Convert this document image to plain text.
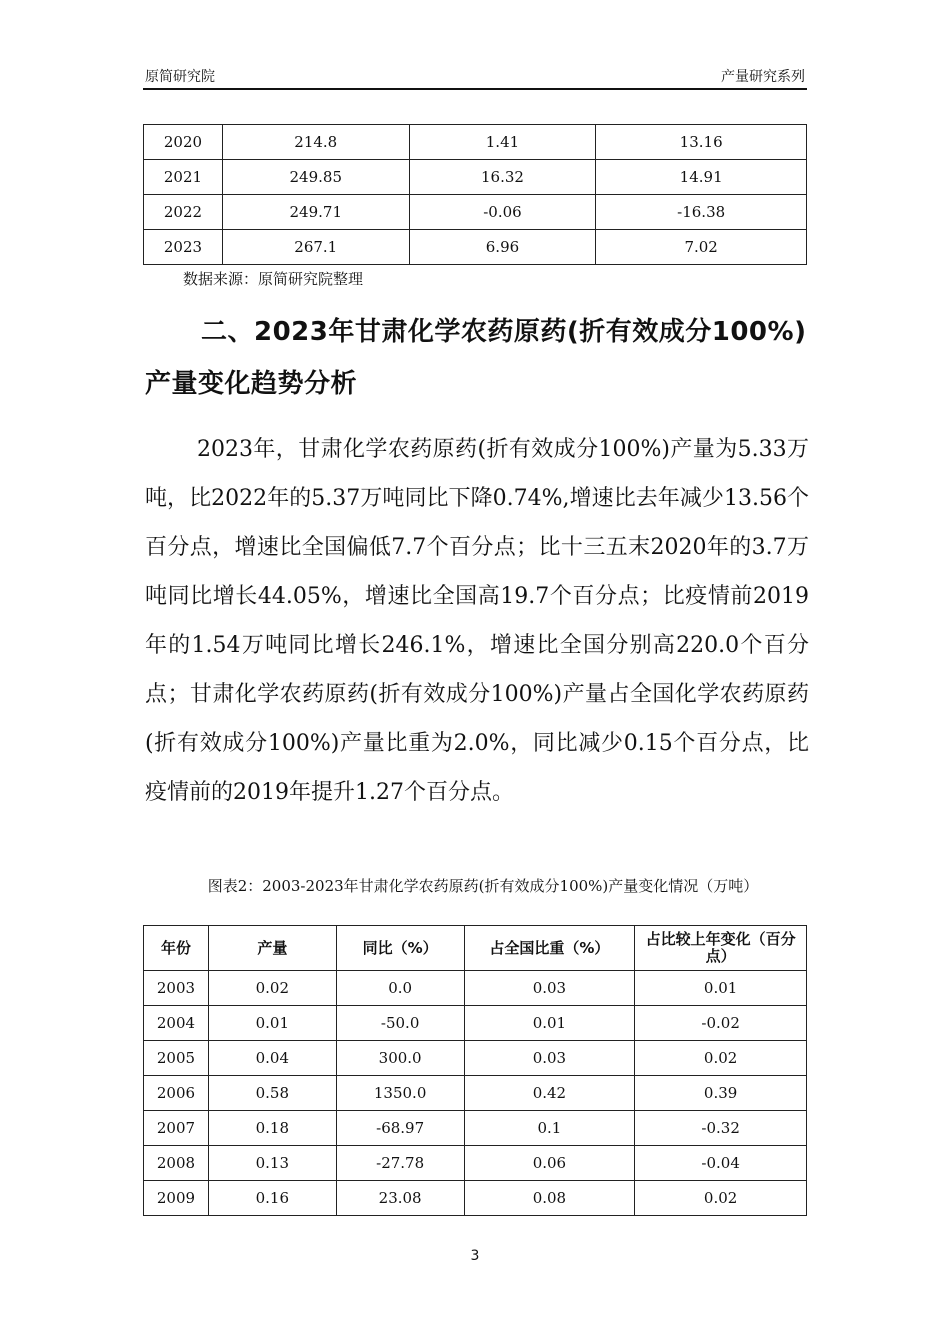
原简研究院	产量研究系列
2020	214.8	1.41	13.16
2021	249.85	16.32	14.91
2022	249.71	-0.06	-16.38
2023	267.1	6.96	7.02
数据来源：原简研究院整理
二、2023年甘肃化学农药原药(折有效成分100%)产量变化趋势分析

2023年，甘肃化学农药原药(折有效成分100%)产量为5.33万吨，比2022年的5.37万吨同比下降0.74%,增速比去年减少13.56个百分点，增速比全国偏低7.7个百分点；比十三五末2020年的3.7万吨同比增长44.05%，增速比全国高19.7个百分点；比疫情前2019年的1.54万吨同比增长246.1%，增速比全国分别高220.0个百分点；甘肃化学农药原药(折有效成分100%)产量占全国化学农药原药(折有效成分100%)产量比重为2.0%，同比减少0.15个百分点，比疫情前的2019年提升1.27个百分点。

图表2：2003-2023年甘肃化学农药原药(折有效成分100%)产量变化情况（万吨）

年份	产量	同比（%）	占全国比重（%）	占比较上年变化（百分点）
2003	0.02	0.0	0.03	0.01
2004	0.01	-50.0	0.01	-0.02
2005	0.04	300.0	0.03	0.02
2006	0.58	1350.0	0.42	0.39
2007	0.18	-68.97	0.1	-0.32
2008	0.13	-27.78	0.06	-0.04
2009	0.16	23.08	0.08	0.02
3
